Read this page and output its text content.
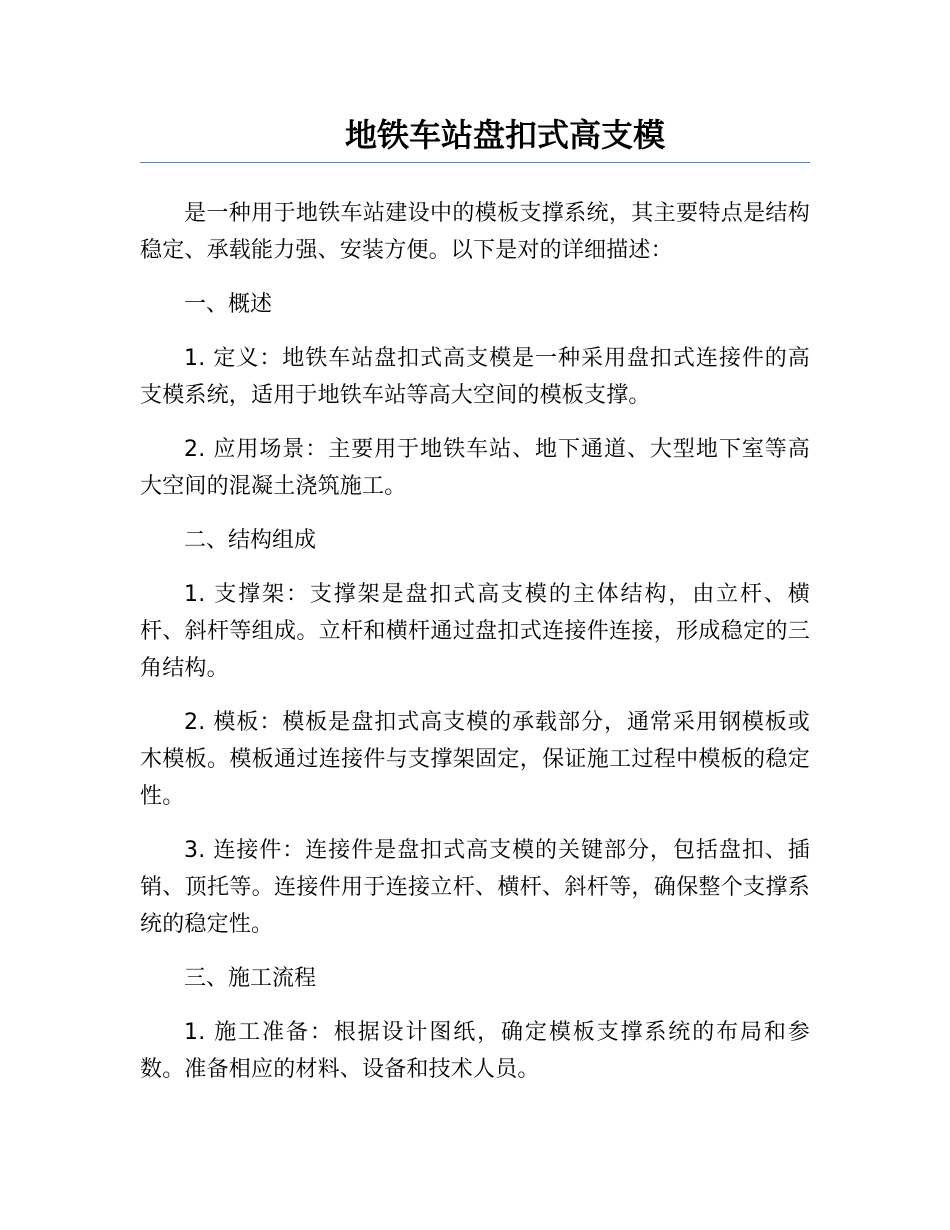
地铁车站盘扣式高支模

是一种用于地铁车站建设中的模板支撑系统，其主要特点是结构稳定、承载能力强、安装方便。以下是对的详细描述：

一、概述

1. 定义：地铁车站盘扣式高支模是一种采用盘扣式连接件的高支模系统，适用于地铁车站等高大空间的模板支撑。

2. 应用场景：主要用于地铁车站、地下通道、大型地下室等高大空间的混凝土浇筑施工。

二、结构组成

1. 支撑架：支撑架是盘扣式高支模的主体结构，由立杆、横杆、斜杆等组成。立杆和横杆通过盘扣式连接件连接，形成稳定的三角结构。

2. 模板：模板是盘扣式高支模的承载部分，通常采用钢模板或木模板。模板通过连接件与支撑架固定，保证施工过程中模板的稳定性。

3. 连接件：连接件是盘扣式高支模的关键部分，包括盘扣、插销、顶托等。连接件用于连接立杆、横杆、斜杆等，确保整个支撑系统的稳定性。

三、施工流程

1. 施工准备：根据设计图纸，确定模板支撑系统的布局和参数。准备相应的材料、设备和技术人员。
